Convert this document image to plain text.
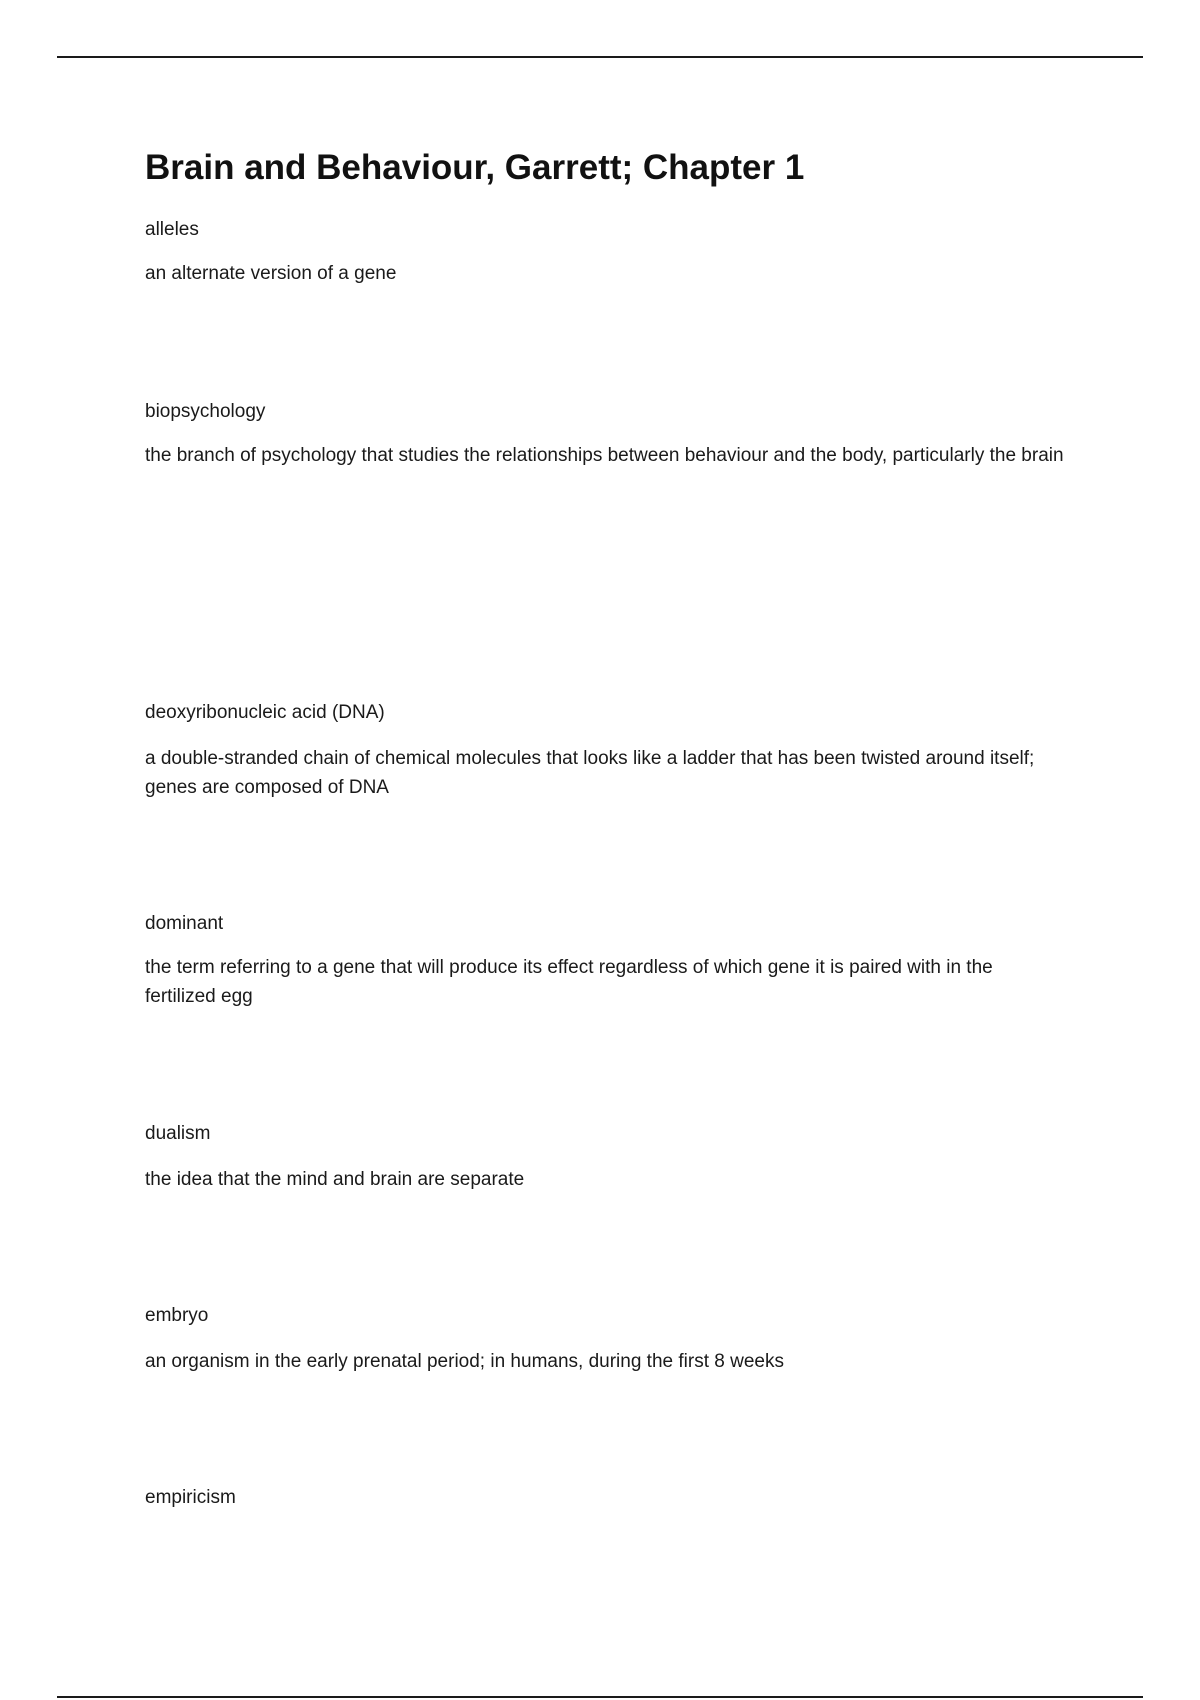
Brain and Behaviour, Garrett; Chapter 1

alleles

an alternate version of a gene

biopsychology

the branch of psychology that studies the relationships between behaviour and the body, particularly the brain

deoxyribonucleic acid (DNA)

a double-stranded chain of chemical molecules that looks like a ladder that has been twisted around itself; genes are composed of DNA

dominant

the term referring to a gene that will produce its effect regardless of which gene it is paired with in the fertilized egg

dualism

the idea that the mind and brain are separate

embryo

an organism in the early prenatal period; in humans, during the first 8 weeks

empiricism
